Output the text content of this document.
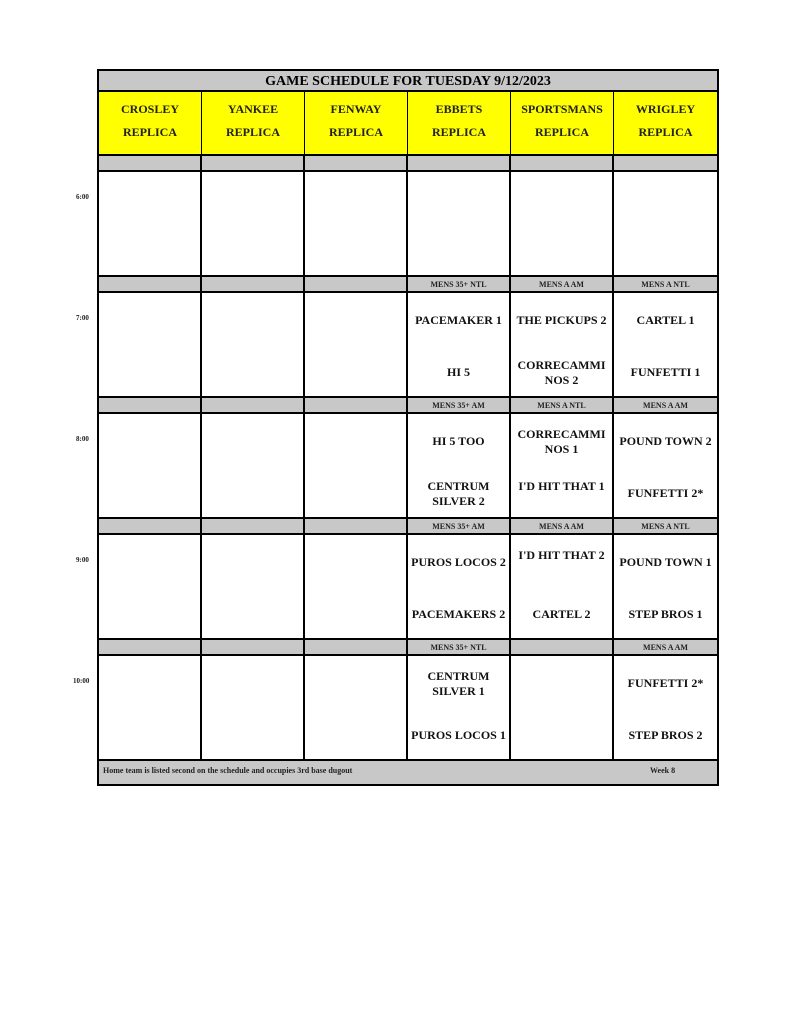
GAME SCHEDULE FOR TUESDAY 9/12/2023
CROSLEY
REPLICA
YANKEE
REPLICA
FENWAY
REPLICA
EBBETS
REPLICA
SPORTSMANS
REPLICA
WRIGLEY
REPLICA
MENS 35+ NTL
PACEMAKER 1
HI 5
MENS A AM
THE PICKUPS 2
CORRECAMMI NOS 2
MENS A NTL
CARTEL 1
FUNFETTI 1
MENS 35+ AM
HI 5 TOO
CENTRUM SILVER 2
MENS A NTL
CORRECAMMI NOS 1
I'D HIT THAT 1
MENS A AM
POUND TOWN 2
FUNFETTI 2*
MENS 35+ AM
PUROS LOCOS 2
PACEMAKERS 2
MENS A AM
I'D HIT THAT 2
CARTEL 2
MENS A NTL
POUND TOWN 1
STEP BROS 1
MENS 35+ NTL
CENTRUM SILVER 1
PUROS LOCOS 1
MENS A AM
FUNFETTI 2*
STEP BROS 2
Home team is listed second on the schedule and occupies 3rd base dugout	Week 8
6:00
7:00
8:00
9:00
10:00
